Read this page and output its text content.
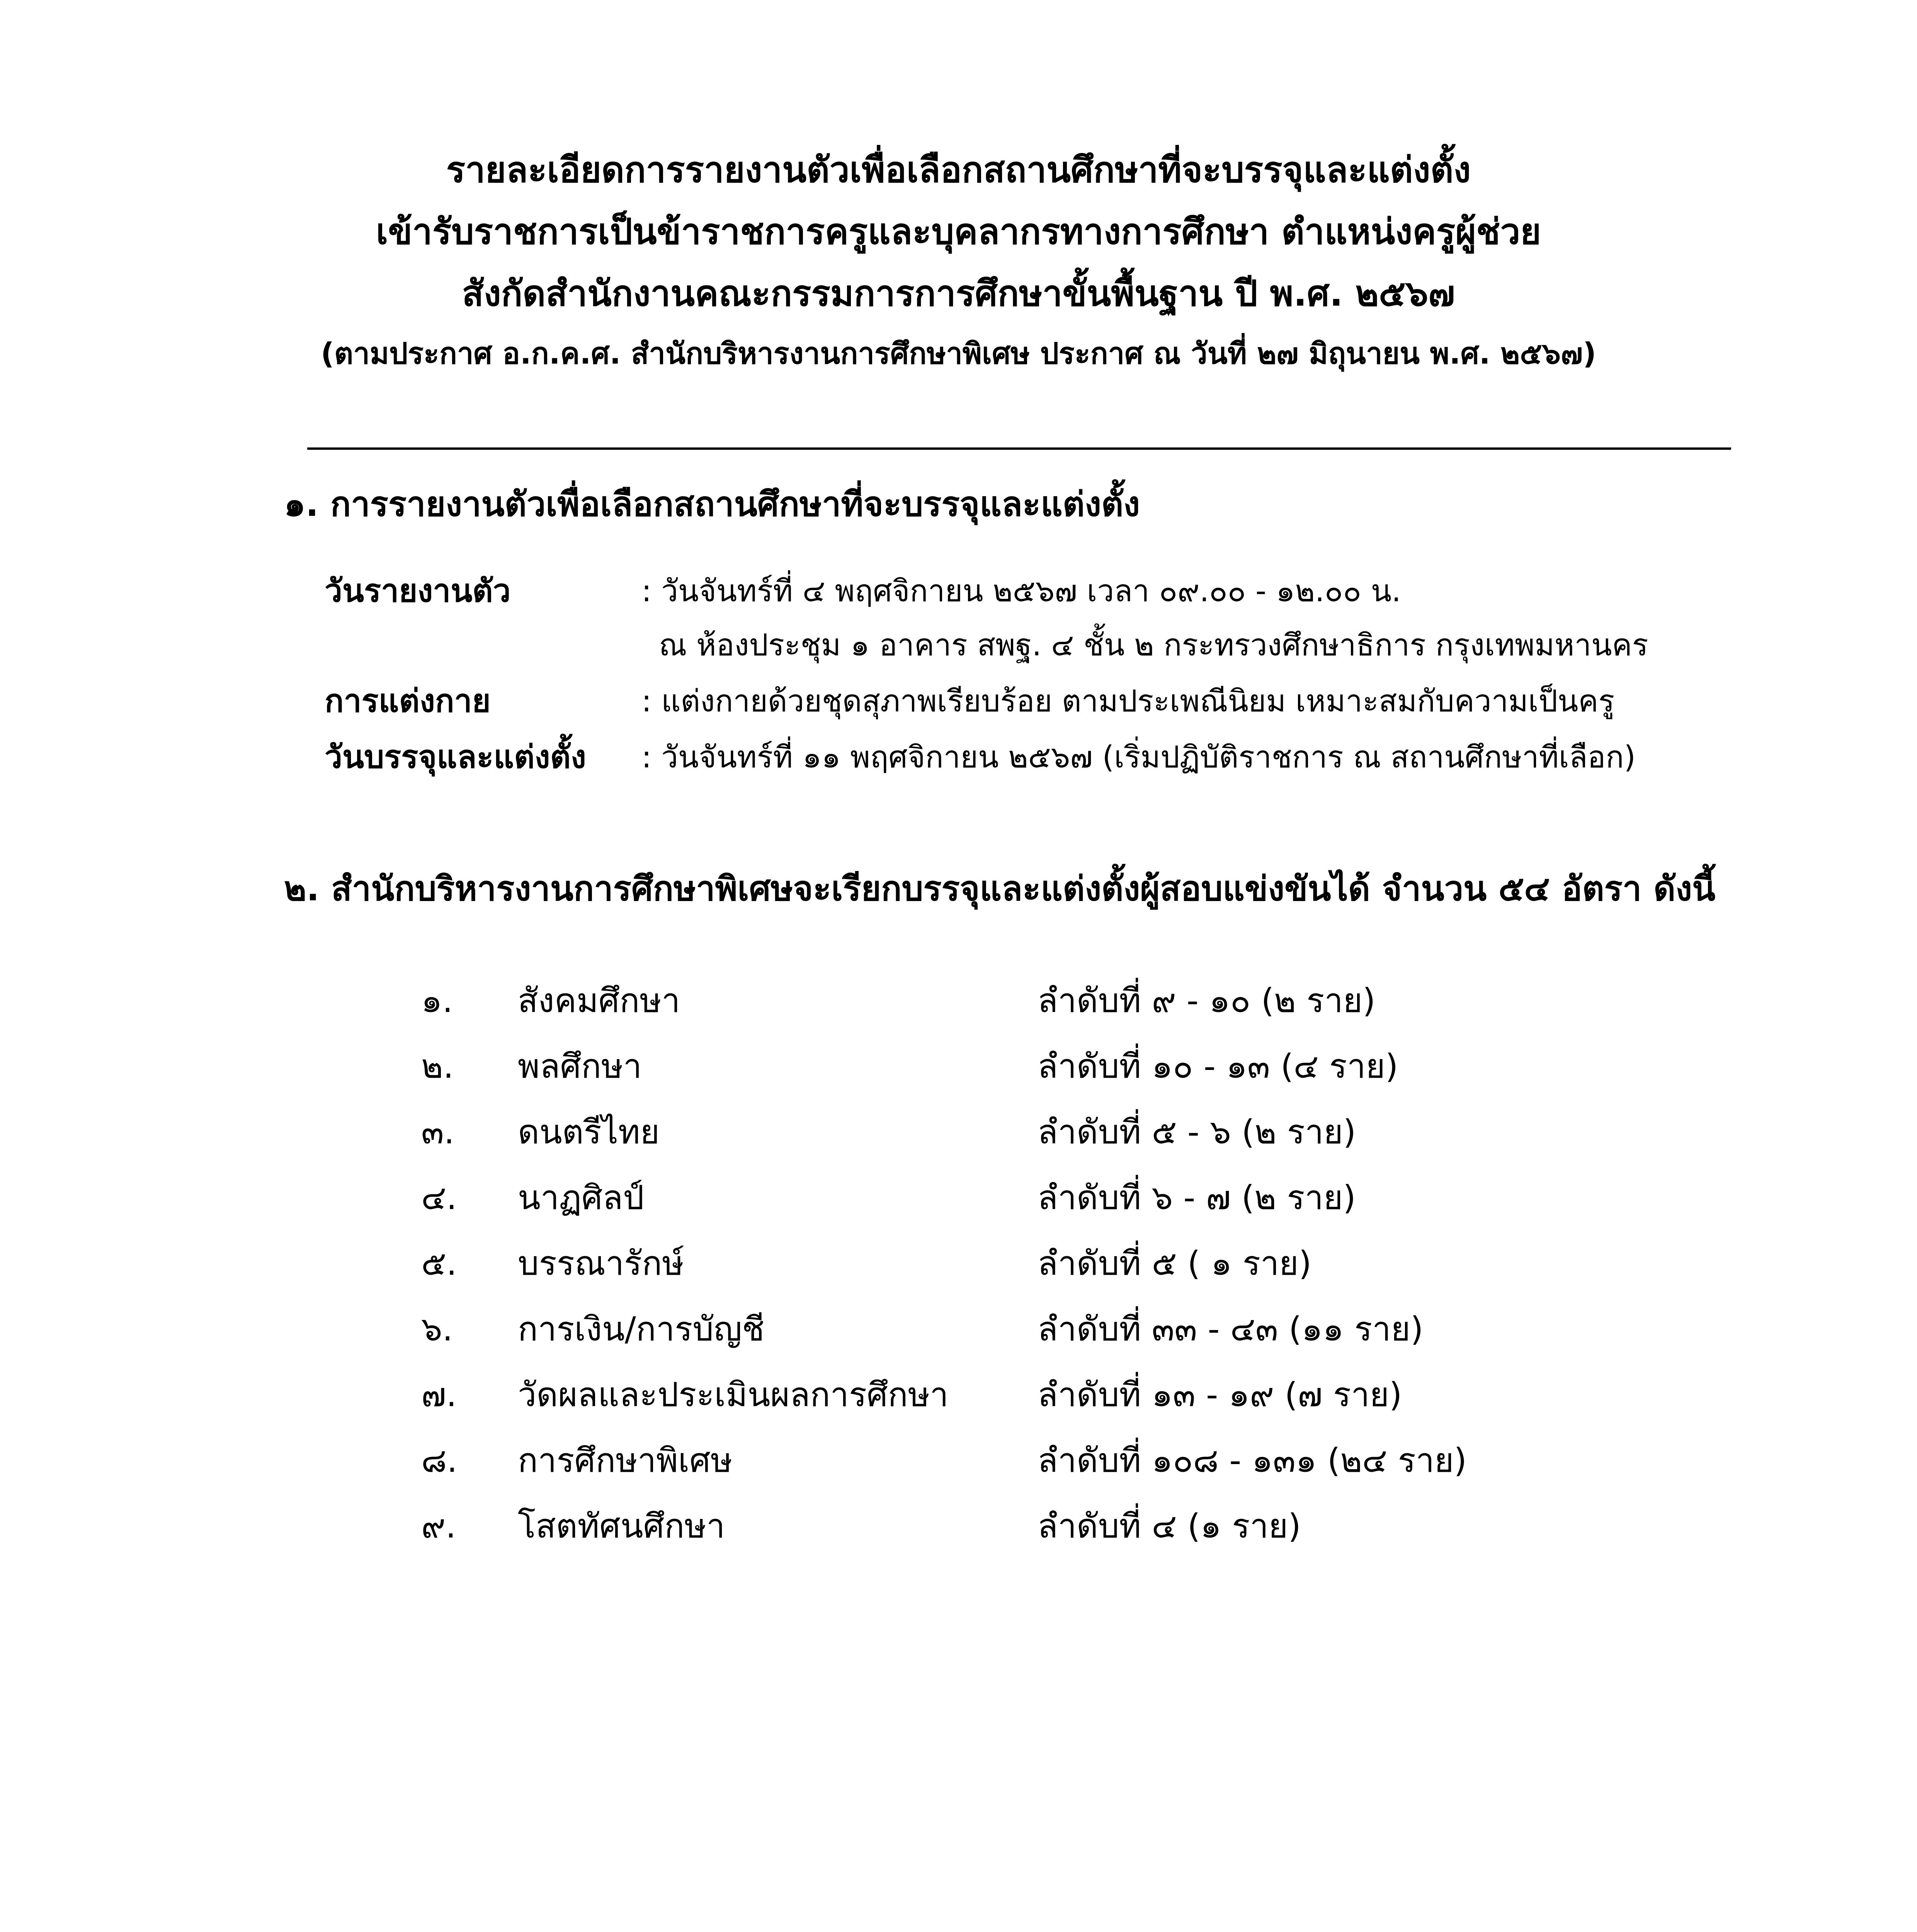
รายละเอียดการรายงานตัวเพื่อเลือกสถานศึกษาที่จะบรรจุและแต่งตั้ง
เข้ารับราชการเป็นข้าราชการครูและบุคลากรทางการศึกษา ตำแหน่งครูผู้ช่วย
สังกัดสำนักงานคณะกรรมการการศึกษาขั้นพื้นฐาน ปี พ.ศ. ๒๕๖๗
(ตามประกาศ อ.ก.ค.ศ. สำนักบริหารงานการศึกษาพิเศษ ประกาศ ณ วันที่ ๒๗ มิถุนายน พ.ศ. ๒๕๖๗)
๑. การรายงานตัวเพื่อเลือกสถานศึกษาที่จะบรรจุและแต่งตั้ง
วันรายงานตัว	: วันจันทร์ที่ ๔ พฤศจิกายน ๒๕๖๗ เวลา ๐๙.๐๐ - ๑๒.๐๐ น.
ณ ห้องประชุม ๑ อาคาร สพฐ. ๔ ชั้น ๒ กระทรวงศึกษาธิการ กรุงเทพมหานคร
การแต่งกาย	: แต่งกายด้วยชุดสุภาพเรียบร้อย ตามประเพณีนิยม เหมาะสมกับความเป็นครู
วันบรรจุและแต่งตั้ง : วันจันทร์ที่ ๑๑ พฤศจิกายน ๒๕๖๗ (เริ่มปฏิบัติราชการ ณ สถานศึกษาที่เลือก)
๒. สำนักบริหารงานการศึกษาพิเศษจะเรียกบรรจุและแต่งตั้งผู้สอบแข่งขันได้ จำนวน ๕๔ อัตรา ดังนี้
๑. สังคมศึกษา	ลำดับที่ ๙ - ๑๐ (๒ ราย)
๒. พลศึกษา	ลำดับที่ ๑๐ - ๑๓ (๔ ราย)
๓. ดนตรีไทย	ลำดับที่ ๕ - ๖ (๒ ราย)
๔. นาฏศิลป์	ลำดับที่ ๖ - ๗ (๒ ราย)
๕. บรรณารักษ์	ลำดับที่ ๕ ( ๑ ราย)
๖. การเงิน/การบัญชี	ลำดับที่ ๓๓ - ๔๓ (๑๑ ราย)
๗. วัดผลและประเมินผลการศึกษา	ลำดับที่ ๑๓ - ๑๙ (๗ ราย)
๘. การศึกษาพิเศษ	ลำดับที่ ๑๐๘ - ๑๓๑ (๒๔ ราย)
๙. โสตทัศนศึกษา	ลำดับที่ ๔ (๑ ราย)
